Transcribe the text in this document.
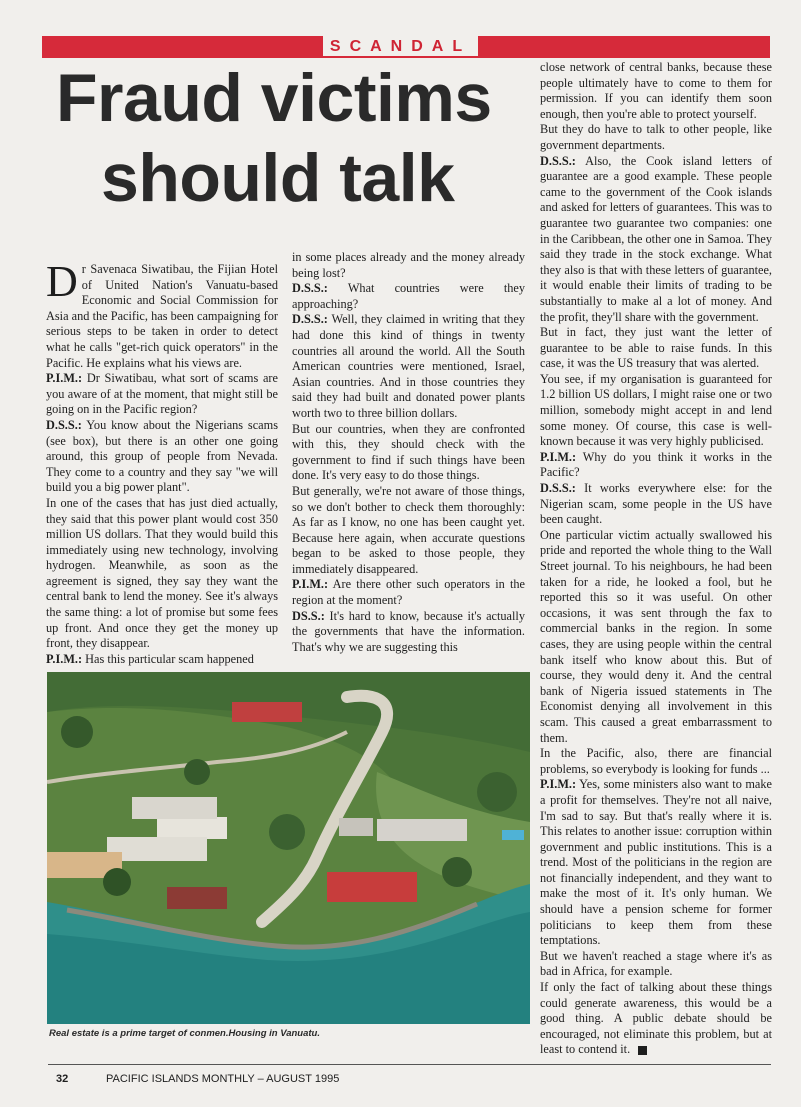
SCANDAL
Fraud victims
should talk

Dr Savenaca Siwatibau, the Fijian Hotel of United Nation's Vanuatu-based Economic and Social Commission for Asia and the Pacific, has been campaigning for serious steps to be taken in order to detect what he calls "get-rich quick operators" in the Pacific. He explains what his views are.

P.I.M.: Dr Siwatibau, what sort of scams are you aware of at the moment, that might still be going on in the Pacific region?

D.S.S.: You know about the Nigerians scams (see box), but there is an other one going around, this group of people from Nevada. They come to a country and they say "we will build you a big power plant".

In one of the cases that has just died actually, they said that this power plant would cost 350 million US dollars. That they would build this immediately using new technology, involving hydrogen. Meanwhile, as soon as the agreement is signed, they say they want the central bank to lend the money. See it's always the same thing: a lot of promise but some fees up front. And once they get the money up front, they disappear.

P.I.M.: Has this particular scam happened

in some places already and the money already being lost?

D.S.S.: What countries were they approaching?

D.S.S.: Well, they claimed in writing that they had done this kind of things in twenty countries all around the world. All the South American countries were mentioned, Israel, Asian countries. And in those countries they said they had built and donated power plants worth two to three billion dollars.

But our countries, when they are confronted with this, they should check with the government to find if such things have been done. It's very easy to do those things.

But generally, we're not aware of those things, so we don't bother to check them thoroughly: As far as I know, no one has been caught yet. Because here again, when accurate questions began to be asked to those people, they immediately disappeared.

P.I.M.: Are there other such operators in the region at the moment?

DS.S.: It's hard to know, because it's actually the governments that have the information. That's why we are suggesting this

close network of central banks, because these people ultimately have to come to them for permission. If you can identify them soon enough, then you're able to protect yourself.

But they do have to talk to other people, like government departments.

D.S.S.: Also, the Cook island letters of guarantee are a good example. These people came to the government of the Cook islands and asked for letters of guarantees. This was to guarantee two guarantee two companies: one in the Caribbean, the other one in Samoa. They said they trade in the stock exchange. What they also is that with these letters of guarantee, it would enable their limits of trading to be substantially to make al a lot of money. And the profit, they'll share with the government.

But in fact, they just want the letter of guarantee to be able to raise funds. In this case, it was the US treasury that was alerted.

You see, if my organisation is guaranteed for 1.2 billion US dollars, I might raise one or two million, somebody might accept in and lend some money. Of course, this case is well-known because it was very highly publicised.

P.I.M.: Why do you think it works in the Pacific?

D.S.S.: It works everywhere else: for the Nigerian scam, some people in the US have been caught.

One particular victim actually swallowed his pride and reported the whole thing to the Wall Street journal. To his neighbours, he had been taken for a ride, he looked a fool, but he reported this so it was useful. On other occasions, it was sent through the fax to commercial banks in the region. In some cases, they are using people within the central bank itself who know about this. But of course, they would deny it. And the central bank of Nigeria issued statements in The Economist denying all involvement in this scam. This caused a great embarrassment to them.

In the Pacific, also, there are financial problems, so everybody is looking for funds ...

P.I.M.: Yes, some ministers also want to make a profit for themselves. They're not all naive, I'm sad to say. But that's really where it is. This relates to another issue: corruption within government and public institutions. This is a trend. Most of the politicians in the region are not financially independent, and they want to make the most of it. It's only human. We should have a pension scheme for former politicians to keep them from these temptations.

But we haven't reached a stage where it's as bad in Africa, for example.

If only the fact of talking about these things could generate awareness, this would be a good thing. A public debate should be encouraged, not eliminate this problem, but at least to contend it.

Real estate is a prime target of conmen.Housing in Vanuatu.
32	PACIFIC ISLANDS MONTHLY – AUGUST 1995
